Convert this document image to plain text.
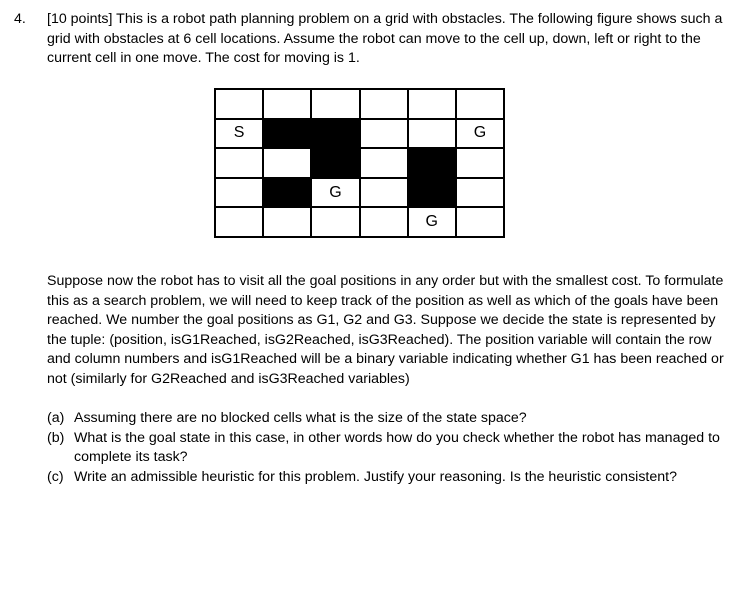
4. [10 points] This is a robot path planning problem on a grid with obstacles. The following figure shows such a grid with obstacles at 6 cell locations. Assume the robot can move to the cell up, down, left or right to the current cell in one move. The cost for moving is 1.
S	G
G
G
Suppose now the robot has to visit all the goal positions in any order but with the smallest cost. To formulate this as a search problem, we will need to keep track of the position as well as which of the goals have been reached. We number the goal positions as G1, G2 and G3. Suppose we decide the state is represented by the tuple: (position, isG1Reached, isG2Reached, isG3Reached). The position variable will contain the row and column numbers and isG1Reached will be a binary variable indicating whether G1 has been reached or not (similarly for G2Reached and isG3Reached variables)
(a) Assuming there are no blocked cells what is the size of the state space?
(b) What is the goal state in this case, in other words how do you check whether the robot has managed to complete its task?
(c) Write an admissible heuristic for this problem. Justify your reasoning. Is the heuristic consistent?
